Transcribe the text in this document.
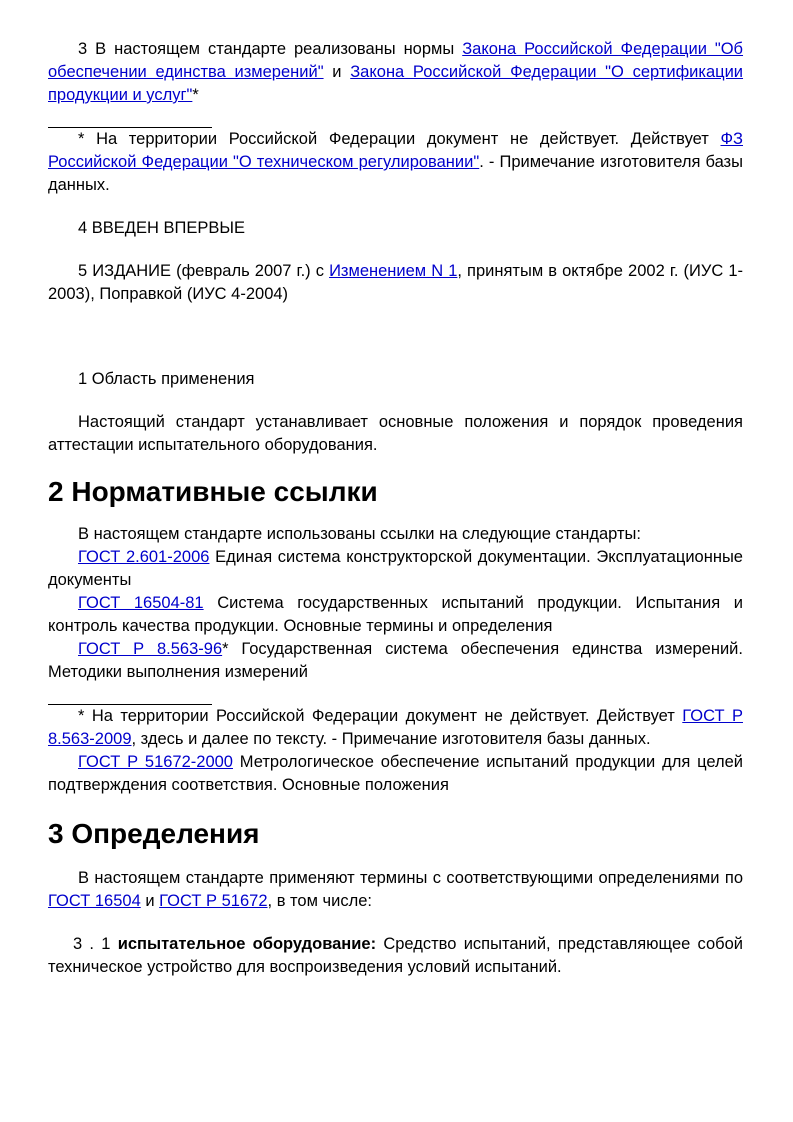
3 В настоящем стандарте реализованы нормы Закона Российской Федерации "Об обеспечении единства измерений" и Закона Российской Федерации "О сертификации продукции и услуг"*

* На территории Российской Федерации документ не действует. Действует ФЗ Российской Федерации "О техническом регулировании". - Примечание изготовителя базы данных.

4 ВВЕДЕН ВПЕРВЫЕ

5 ИЗДАНИЕ (февраль 2007 г.) с Изменением N 1, принятым в октябре 2002 г. (ИУС 1-2003), Поправкой (ИУС 4-2004)

1 Область применения

Настоящий стандарт устанавливает основные положения и порядок проведения аттестации испытательного оборудования.

2 Нормативные ссылки

В настоящем стандарте использованы ссылки на следующие стандарты:

ГОСТ 2.601-2006 Единая система конструкторской документации. Эксплуатационные документы

ГОСТ 16504-81 Система государственных испытаний продукции. Испытания и контроль качества продукции. Основные термины и определения

ГОСТ Р 8.563-96* Государственная система обеспечения единства измерений. Методики выполнения измерений

* На территории Российской Федерации документ не действует. Действует ГОСТ Р 8.563-2009, здесь и далее по тексту. - Примечание изготовителя базы данных.

ГОСТ Р 51672-2000 Метрологическое обеспечение испытаний продукции для целей подтверждения соответствия. Основные положения

3 Определения

В настоящем стандарте применяют термины с соответствующими определениями по ГОСТ 16504 и ГОСТ Р 51672, в том числе:

3 . 1 испытательное оборудование: Средство испытаний, представляющее собой техническое устройство для воспроизведения условий испытаний.
